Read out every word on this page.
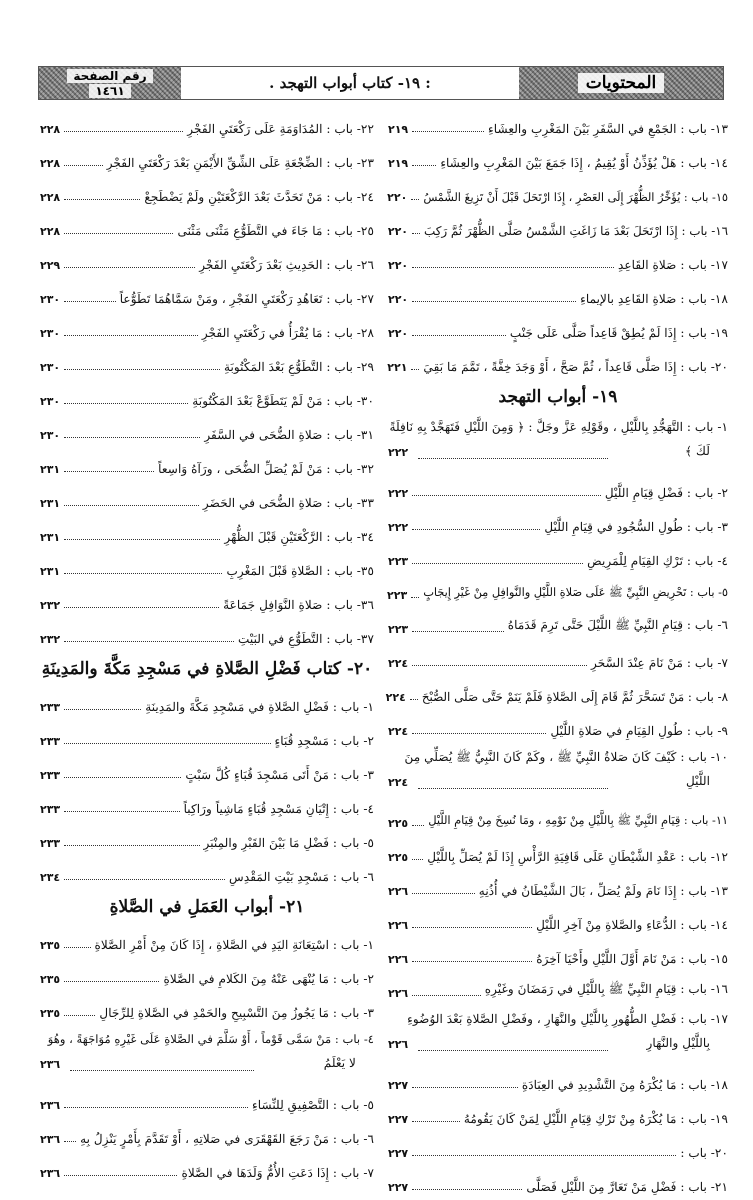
رقم الصفحة
١٤٦١	: ١٩- كتاب أبواب التهجد .	المحتويات
١٣- باب : الجَمْعِ في السَّفَرِ بَيْنَ المَغْرِبِ والعِشَاءِ
٢١٩
١٤- باب : هَلْ يُؤَذِّنُ أَوْ يُقِيمُ ، إِذَا جَمَعَ بَيْنَ المَغْرِبِ والعِشَاءِ
٢١٩
١٥- باب : يُؤَخِّرُ الظُّهْرَ إِلَى العَصْرِ ، إِذَا ارْتَحَلَ قَبْلَ أَنْ تَزِيغَ الشَّمْسُ
٢٢٠
١٦- باب : إِذَا ارْتَحَلَ بَعْدَ مَا زَاغَتِ الشَّمْسُ صَلَّى الظُّهْرَ ثُمَّ رَكِبَ
٢٢٠
١٧- باب : صَلاةِ القَاعِدِ
٢٢٠
١٨- باب : صَلاةِ القَاعِدِ بالإيماءِ
٢٢٠
١٩- باب : إِذَا لَمْ يُطِقْ قَاعِداً صَلَّى عَلَى جَنْبٍ
٢٢٠
٢٠- باب : إِذَا صَلَّى قَاعِداً ، ثُمَّ صَحَّ ، أَوْ وَجَدَ خِفَّةً ، تَمَّمَ مَا بَقِيَ
٢٢١
١٩- أبواب التهجد
١- باب : التَّهَجُّدِ بِاللَّيْلِ ، وقَوْلِهِ عَزَّ وجَلَّ : ﴿ وَمِنَ اللَّيْلِ فَتَهَجَّدْ بِهِ نَافِلَةً
لَكَ ﴾
٢٢٢
٢- باب : فَضْلِ قِيَامِ اللَّيْلِ
٢٢٢
٣- باب : طُولِ السُّجُودِ في قِيَامِ اللَّيْلِ
٢٢٢
٤- باب : تَرْكِ القِيَامِ لِلْمَرِيضِ
٢٢٣
٥- باب : تَحْرِيضِ النَّبِيِّ ﷺ عَلَى صَلاةِ اللَّيْلِ والنَّوافِلِ مِنْ غَيْرِ إِيجَابٍ
٢٢٣
٦- باب : قِيَامِ النَّبِيِّ ﷺ اللَّيْلَ حَتَّى تَرِمَ قَدَمَاهُ
٢٢٣
٧- باب : مَنْ نَامَ عِنْدَ السَّحَرِ
٢٢٤
٨- باب : مَنْ تَسَحَّرَ ثُمَّ قَامَ إِلَى الصَّلاةِ فَلَمْ يَنَمْ حَتَّى صَلَّى الصُّبْحَ
٢٢٤
٩- باب : طُولِ القِيَامِ في صَلاةِ اللَّيْلِ
٢٢٤
١٠- باب : كَيْفَ كَانَ صَلاةُ النَّبِيِّ ﷺ ، وكَمْ كَانَ النَّبِيُّ ﷺ يُصَلِّي مِنَ
اللَّيْلِ
٢٢٤
١١- باب : قِيَامِ النَّبِيِّ ﷺ بِاللَّيْلِ مِنْ نَوْمِهِ ، ومَا نُسِخَ مِنْ قِيَامِ اللَّيْلِ
٢٢٥
١٢- باب : عَقْدِ الشَّيْطَانِ عَلَى قَافِيَةِ الرَّأْسِ إِذَا لَمْ يُصَلِّ بِاللَّيْلِ
٢٢٥
١٣- باب : إِذَا نَامَ ولَمْ يُصَلِّ ، بَالَ الشَّيْطَانُ في أُذُنِهِ
٢٢٦
١٤- باب : الدُّعَاءِ والصَّلاةِ مِنْ آخِرِ اللَّيْلِ
٢٢٦
١٥- باب : مَنْ نَامَ أَوَّلَ اللَّيْلِ وأَحْيَا آخِرَهُ
٢٢٦
١٦- باب : قِيَامِ النَّبِيِّ ﷺ بِاللَّيْلِ في رَمَضَانَ وغَيْرِهِ
٢٢٦
١٧- باب : فَضْلِ الطُّهُورِ بِاللَّيْلِ والنَّهَارِ ، وفَضْلِ الصَّلاةِ بَعْدَ الوُضُوءِ
بِاللَّيْلِ والنَّهَارِ
٢٢٦
١٨- باب : مَا يُكْرَهُ مِنَ التَّشْدِيدِ في العِبَادَةِ
٢٢٧
١٩- باب : مَا يُكْرَهُ مِنْ تَرْكِ قِيَامِ اللَّيْلِ لِمَنْ كَانَ يَقُومُهُ
٢٢٧
٢٠- باب :
٢٢٧
٢١- باب : فَضْلِ مَنْ تَعَارَّ مِنَ اللَّيْلِ فَصَلَّى
٢٢٧
٢٢- باب : المُدَاوَمَةِ عَلَى رَكْعَتَيِ الفَجْرِ
٢٢٨
٢٣- باب : الضِّجْعَةِ عَلَى الشِّقِّ الأَيْمَنِ بَعْدَ رَكْعَتَيِ الفَجْرِ
٢٢٨
٢٤- باب : مَنْ تَحَدَّثَ بَعْدَ الرَّكْعَتَيْنِ ولَمْ يَضْطَجِعْ
٢٢٨
٢٥- باب : مَا جَاءَ في التَّطَوُّعِ مَثْنَى مَثْنَى
٢٢٨
٢٦- باب : الحَدِيثِ بَعْدَ رَكْعَتَيِ الفَجْرِ
٢٢٩
٢٧- باب : تَعَاهُدِ رَكْعَتَيِ الفَجْرِ ، ومَنْ سَمَّاهُمَا تَطَوُّعاً
٢٣٠
٢٨- باب : مَا يُقْرَأُ في رَكْعَتَيِ الفَجْرِ
٢٣٠
٢٩- باب : التَّطَوُّعِ بَعْدَ المَكْتُوبَةِ
٢٣٠
٣٠- باب : مَنْ لَمْ يَتَطَوَّعْ بَعْدَ المَكْتُوبَةِ
٢٣٠
٣١- باب : صَلاةِ الضُّحَى في السَّفَرِ
٢٣٠
٣٢- باب : مَنْ لَمْ يُصَلِّ الضُّحَى ، ورَآهُ وَاسِعاً
٢٣١
٣٣- باب : صَلاةِ الضُّحَى في الحَضَرِ
٢٣١
٣٤- باب : الرَّكْعَتَيْنِ قَبْلَ الظُّهْرِ
٢٣١
٣٥- باب : الصَّلاةِ قَبْلَ المَغْرِبِ
٢٣١
٣٦- باب : صَلاةِ النَّوَافِلِ جَمَاعَةً
٢٣٢
٣٧- باب : التَّطَوُّعِ في البَيْتِ
٢٣٢
٢٠- كتاب فَضْلِ الصَّلاةِ في مَسْجِدِ مَكَّةَ والمَدِينَةِ
١- باب : فَضْلِ الصَّلاةِ في مَسْجِدِ مَكَّةَ والمَدِينَةِ
٢٣٣
٢- باب : مَسْجِدِ قُبَاءٍ
٢٣٣
٣- باب : مَنْ أَتَى مَسْجِدَ قُبَاءٍ كُلَّ سَبْتٍ
٢٣٣
٤- باب : إِتْيَانِ مَسْجِدِ قُبَاءٍ مَاشِياً ورَاكِباً
٢٣٣
٥- باب : فَضْلِ مَا بَيْنَ القَبْرِ والمِنْبَرِ
٢٣٣
٦- باب : مَسْجِدِ بَيْتِ المَقْدِسِ
٢٣٤
٢١- أبواب العَمَلِ في الصَّلاةِ
١- باب : اسْتِعَانَةِ اليَدِ في الصَّلاةِ ، إِذَا كَانَ مِنْ أَمْرِ الصَّلاةِ
٢٣٥
٢- باب : مَا يُنْهَى عَنْهُ مِنَ الكَلامِ في الصَّلاةِ
٢٣٥
٣- باب : مَا يَجُوزُ مِنَ التَّسْبِيحِ والحَمْدِ في الصَّلاةِ لِلرِّجَالِ
٢٣٥
٤- باب : مَنْ سَمَّى قَوْماً ، أَوْ سَلَّمَ في الصَّلاةِ عَلَى غَيْرِهِ مُوَاجَهَةً ، وهُوَ
لا يَعْلَمُ
٢٣٦
٥- باب : التَّصْفِيقِ لِلنِّسَاءِ
٢٣٦
٦- باب : مَنْ رَجَعَ القَهْقَرَى في صَلاتِهِ ، أَوْ تَقَدَّمَ بِأَمْرٍ يَنْزِلُ بِهِ
٢٣٦
٧- باب : إِذَا دَعَتِ الأُمُّ وَلَدَهَا في الصَّلاةِ
٢٣٦
